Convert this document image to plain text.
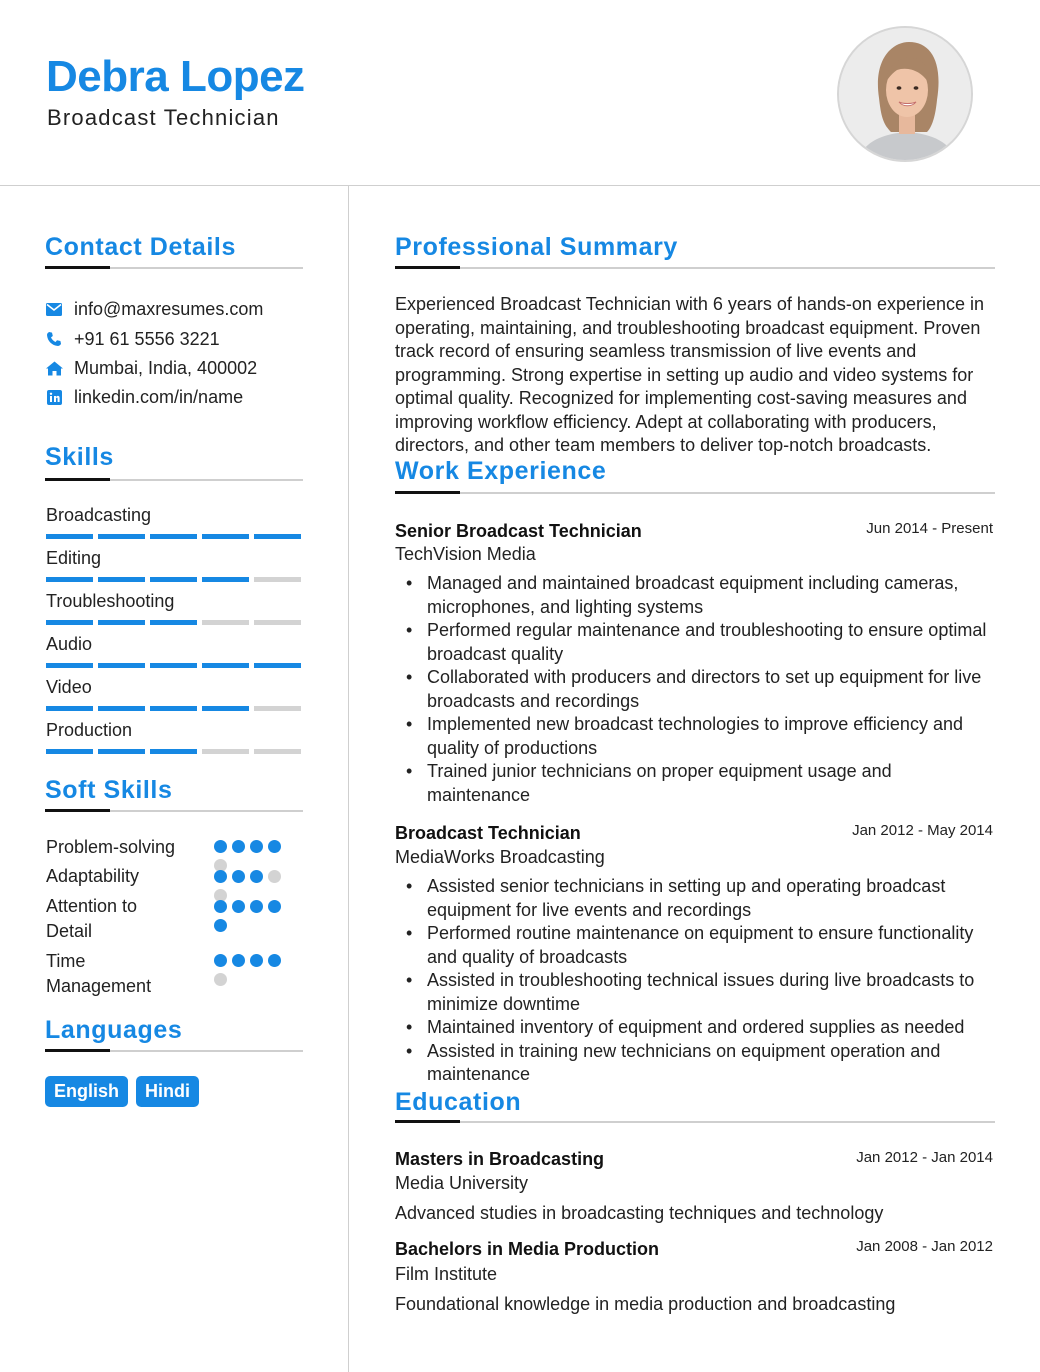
Debra Lopez
Broadcast Technician
Contact Details
info@maxresumes.com
+91 61 5556 3221
Mumbai, India, 400002
linkedin.com/in/name
Skills
Broadcasting
Editing
Troubleshooting
Audio
Video
Production
Soft Skills
Problem-solving
Adaptability
Attention to Detail
Time Management
Languages
English	Hindi
Professional Summary
Experienced Broadcast Technician with 6 years of hands-on experience in operating, maintaining, and troubleshooting broadcast equipment. Proven track record of ensuring seamless transmission of live events and programming. Strong expertise in setting up audio and video systems for optimal quality. Recognized for implementing cost-saving measures and improving workflow efficiency. Adept at collaborating with producers, directors, and other team members to deliver top-notch broadcasts.
Work Experience
Senior Broadcast Technician	Jun 2014 - Present
TechVision Media
• Managed and maintained broadcast equipment including cameras, microphones, and lighting systems
• Performed regular maintenance and troubleshooting to ensure optimal broadcast quality
• Collaborated with producers and directors to set up equipment for live broadcasts and recordings
• Implemented new broadcast technologies to improve efficiency and quality of productions
• Trained junior technicians on proper equipment usage and maintenance
Broadcast Technician	Jan 2012 - May 2014
MediaWorks Broadcasting
• Assisted senior technicians in setting up and operating broadcast equipment for live events and recordings
• Performed routine maintenance on equipment to ensure functionality and quality of broadcasts
• Assisted in troubleshooting technical issues during live broadcasts to minimize downtime
• Maintained inventory of equipment and ordered supplies as needed
• Assisted in training new technicians on equipment operation and maintenance
Education
Masters in Broadcasting	Jan 2012 - Jan 2014
Media University
Advanced studies in broadcasting techniques and technology
Bachelors in Media Production	Jan 2008 - Jan 2012
Film Institute
Foundational knowledge in media production and broadcasting
